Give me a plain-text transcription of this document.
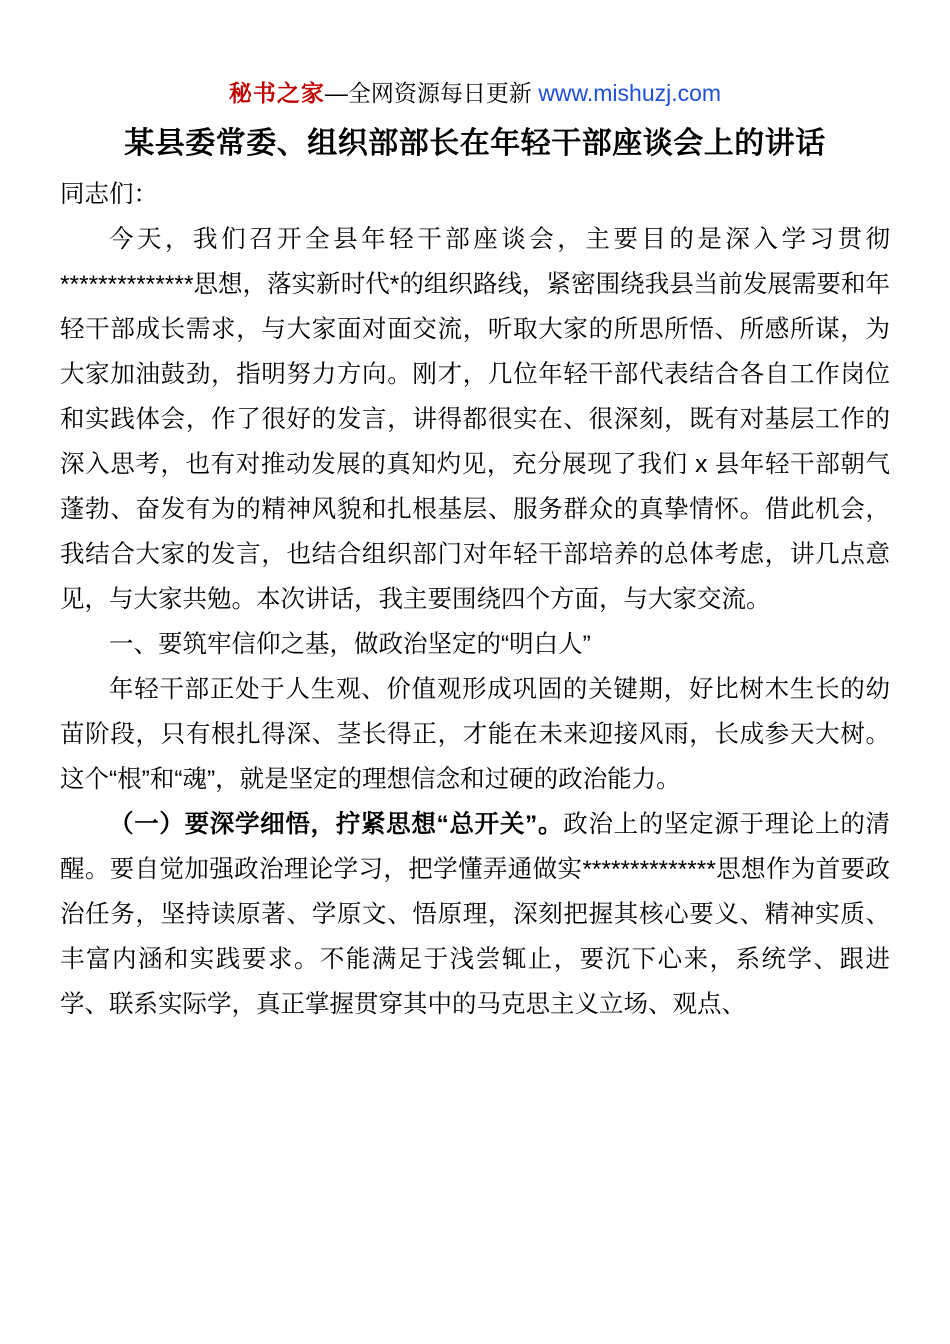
秘书之家—全网资源每日更新 www.mishuzj.com
某县委常委、组织部部长在年轻干部座谈会上的讲话

同志们：

今天，我们召开全县年轻干部座谈会，主要目的是深入学习贯彻**************思想，落实新时代*的组织路线，紧密围绕我县当前发展需要和年轻干部成长需求，与大家面对面交流，听取大家的所思所悟、所感所谋，为大家加油鼓劲，指明努力方向。刚才，几位年轻干部代表结合各自工作岗位和实践体会，作了很好的发言，讲得都很实在、很深刻，既有对基层工作的深入思考，也有对推动发展的真知灼见，充分展现了我们 x 县年轻干部朝气蓬勃、奋发有为的精神风貌和扎根基层、服务群众的真挚情怀。借此机会，我结合大家的发言，也结合组织部门对年轻干部培养的总体考虑，讲几点意见，与大家共勉。本次讲话，我主要围绕四个方面，与大家交流。

一、要筑牢信仰之基，做政治坚定的“明白人”

年轻干部正处于人生观、价值观形成巩固的关键期，好比树木生长的幼苗阶段，只有根扎得深、茎长得正，才能在未来迎接风雨，长成参天大树。这个“根”和“魂”，就是坚定的理想信念和过硬的政治能力。

（一）要深学细悟，拧紧思想“总开关”。政治上的坚定源于理论上的清醒。要自觉加强政治理论学习，把学懂弄通做实**************思想作为首要政治任务，坚持读原著、学原文、悟原理，深刻把握其核心要义、精神实质、丰富内涵和实践要求。不能满足于浅尝辄止，要沉下心来，系统学、跟进学、联系实际学，真正掌握贯穿其中的马克思主义立场、观点、
